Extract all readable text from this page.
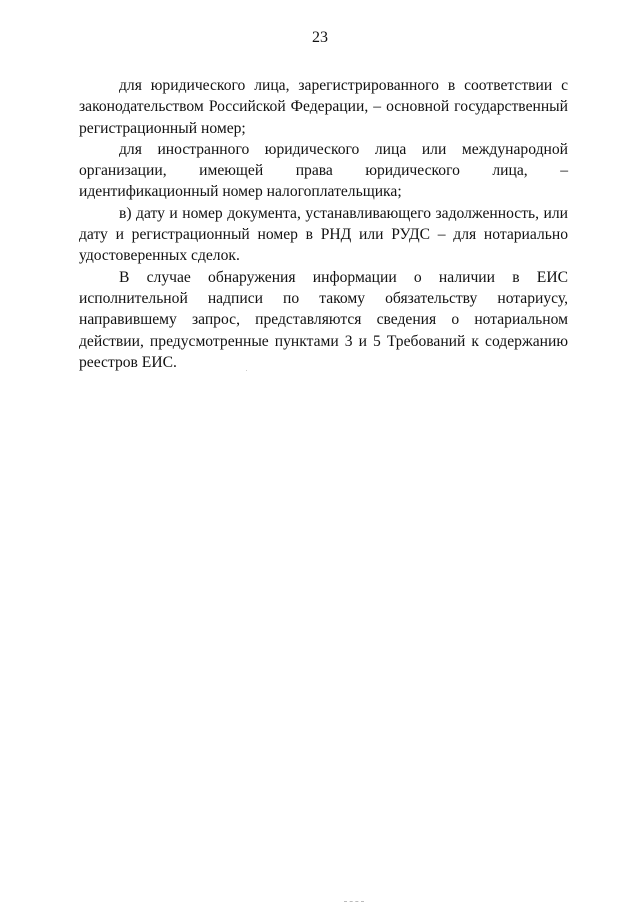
23

для юридического лица, зарегистрированного в соответствии с законодательством Российской Федерации, – основной государственный регистрационный номер;

для иностранного юридического лица или международной организации, имеющей права юридического лица, – идентификационный номер налогоплательщика;

в) дату и номер документа, устанавливающего задолженность, или дату и регистрационный номер в РНД или РУДС – для нотариально удостоверенных сделок.

В случае обнаружения информации о наличии в ЕИС исполнительной надписи по такому обязательству нотариусу, направившему запрос, представляются сведения о нотариальном действии, предусмотренные пунктами 3 и 5 Требований к содержанию реестров ЕИС.
